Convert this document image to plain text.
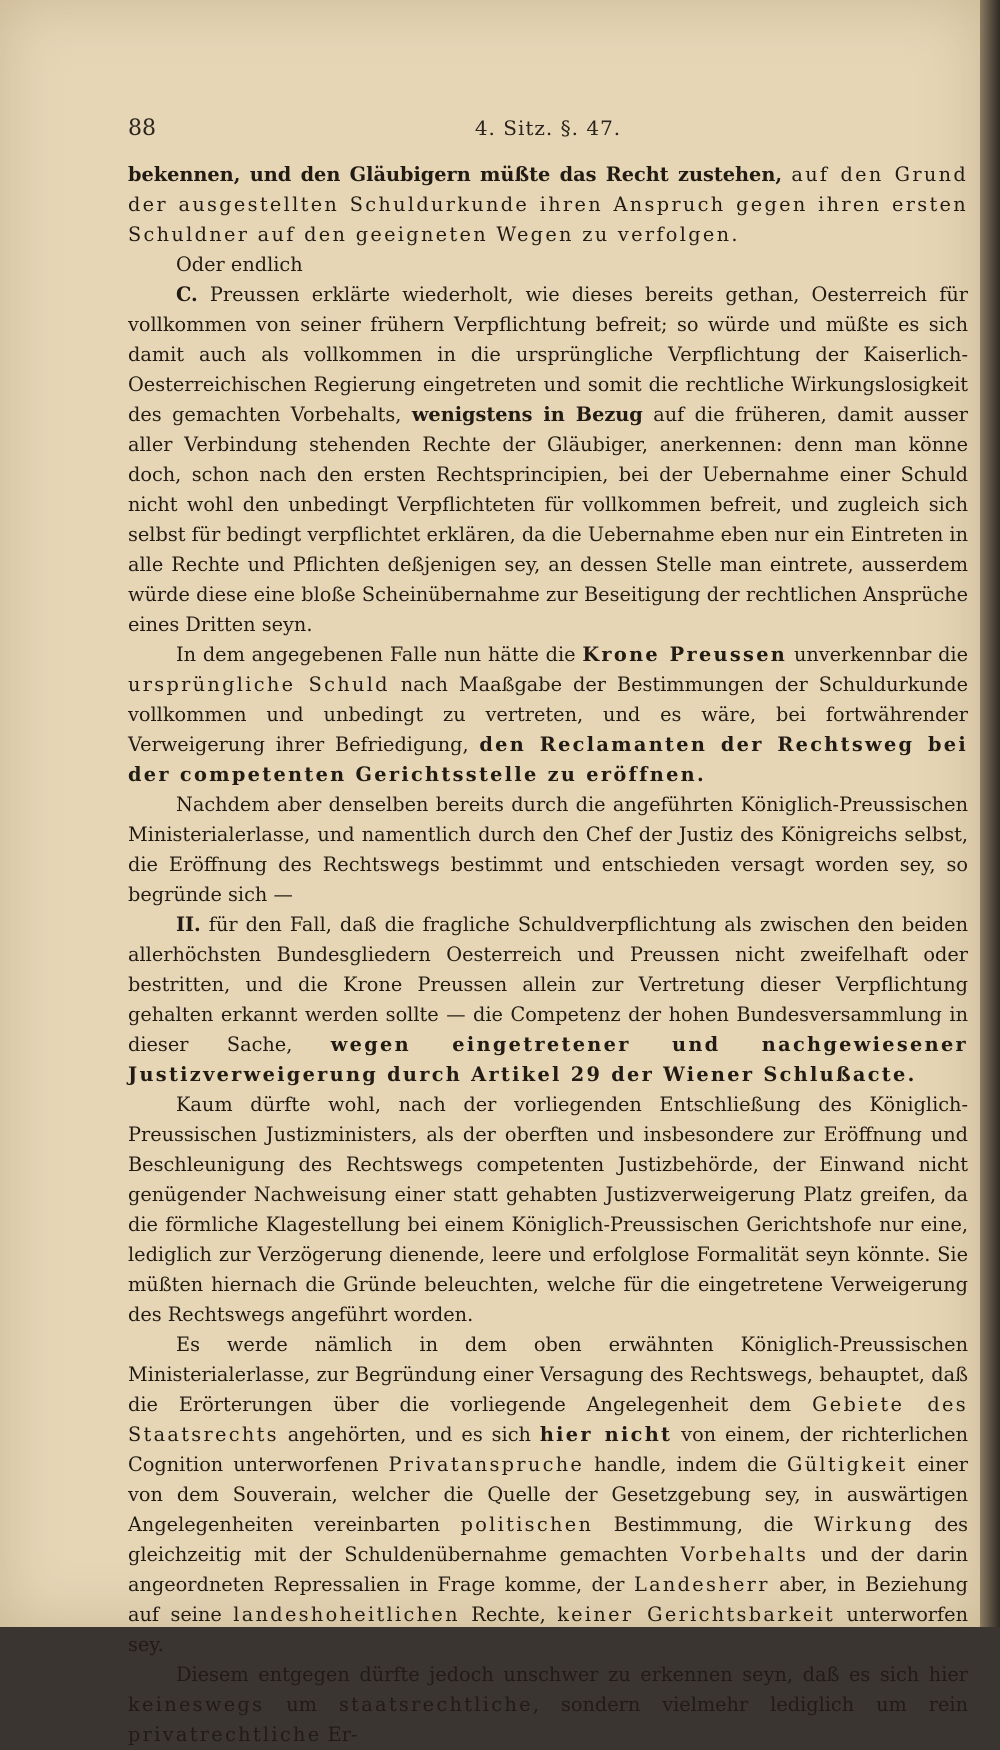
88	4. Sitz. §. 47.

bekennen, und den Gläubigern müßte das Recht zustehen, auf den Grund der ausgestellten Schuldurkunde ihren Anspruch gegen ihren ersten Schuldner auf den geeigneten Wegen zu verfolgen.

Oder endlich

C. Preussen erklärte wiederholt, wie dieses bereits gethan, Oesterreich für vollkommen von seiner frühern Verpflichtung befreit; so würde und müßte es sich damit auch als vollkommen in die ursprüngliche Verpflichtung der Kaiserlich-Oesterreichischen Regierung eingetreten und somit die rechtliche Wirkungslosigkeit des gemachten Vorbehalts, wenigstens in Bezug auf die früheren, damit ausser aller Verbindung stehenden Rechte der Gläubiger, anerkennen: denn man könne doch, schon nach den ersten Rechtsprincipien, bei der Uebernahme einer Schuld nicht wohl den unbedingt Verpflichteten für vollkommen befreit, und zugleich sich selbst für bedingt verpflichtet erklären, da die Uebernahme eben nur ein Eintreten in alle Rechte und Pflichten deßjenigen sey, an dessen Stelle man eintrete, ausserdem würde diese eine bloße Scheinübernahme zur Beseitigung der rechtlichen Ansprüche eines Dritten seyn.

In dem angegebenen Falle nun hätte die Krone Preussen unverkennbar die ursprüngliche Schuld nach Maaßgabe der Bestimmungen der Schuldurkunde vollkommen und unbedingt zu vertreten, und es wäre, bei fortwährender Verweigerung ihrer Befriedigung, den Reclamanten der Rechtsweg bei der competenten Gerichtsstelle zu eröffnen.

Nachdem aber denselben bereits durch die angeführten Königlich-Preussischen Ministerialerlasse, und namentlich durch den Chef der Justiz des Königreichs selbst, die Eröffnung des Rechtswegs bestimmt und entschieden versagt worden sey, so begründe sich —

II. für den Fall, daß die fragliche Schuldverpflichtung als zwischen den beiden allerhöchsten Bundesgliedern Oesterreich und Preussen nicht zweifelhaft oder bestritten, und die Krone Preussen allein zur Vertretung dieser Verpflichtung gehalten erkannt werden sollte — die Competenz der hohen Bundesversammlung in dieser Sache, wegen eingetretener und nachgewiesener Justizverweigerung durch Artikel 29 der Wiener Schlußacte.

Kaum dürfte wohl, nach der vorliegenden Entschließung des Königlich-Preussischen Justizministers, als der oberften und insbesondere zur Eröffnung und Beschleunigung des Rechtswegs competenten Justizbehörde, der Einwand nicht genügender Nachweisung einer statt gehabten Justizverweigerung Platz greifen, da die förmliche Klagestellung bei einem Königlich-Preussischen Gerichtshofe nur eine, lediglich zur Verzögerung dienende, leere und erfolglose Formalität seyn könnte. Sie müßten hiernach die Gründe beleuchten, welche für die eingetretene Verweigerung des Rechtswegs angeführt worden.

Es werde nämlich in dem oben erwähnten Königlich-Preussischen Ministerialerlasse, zur Begründung einer Versagung des Rechtswegs, behauptet, daß die Erörterungen über die vorliegende Angelegenheit dem Gebiete des Staatsrechts angehörten, und es sich hier nicht von einem, der richterlichen Cognition unterworfenen Privatanspruche handle, indem die Gültigkeit einer von dem Souverain, welcher die Quelle der Gesetzgebung sey, in auswärtigen Angelegenheiten vereinbarten politischen Bestimmung, die Wirkung des gleichzeitig mit der Schuldenübernahme gemachten Vorbehalts und der darin angeordneten Repressalien in Frage komme, der Landesherr aber, in Beziehung auf seine landeshoheitlichen Rechte, keiner Gerichtsbarkeit unterworfen sey.

Diesem entgegen dürfte jedoch unschwer zu erkennen seyn, daß es sich hier keineswegs um staatsrechtliche, sondern vielmehr lediglich um rein privatrechtliche Er-
